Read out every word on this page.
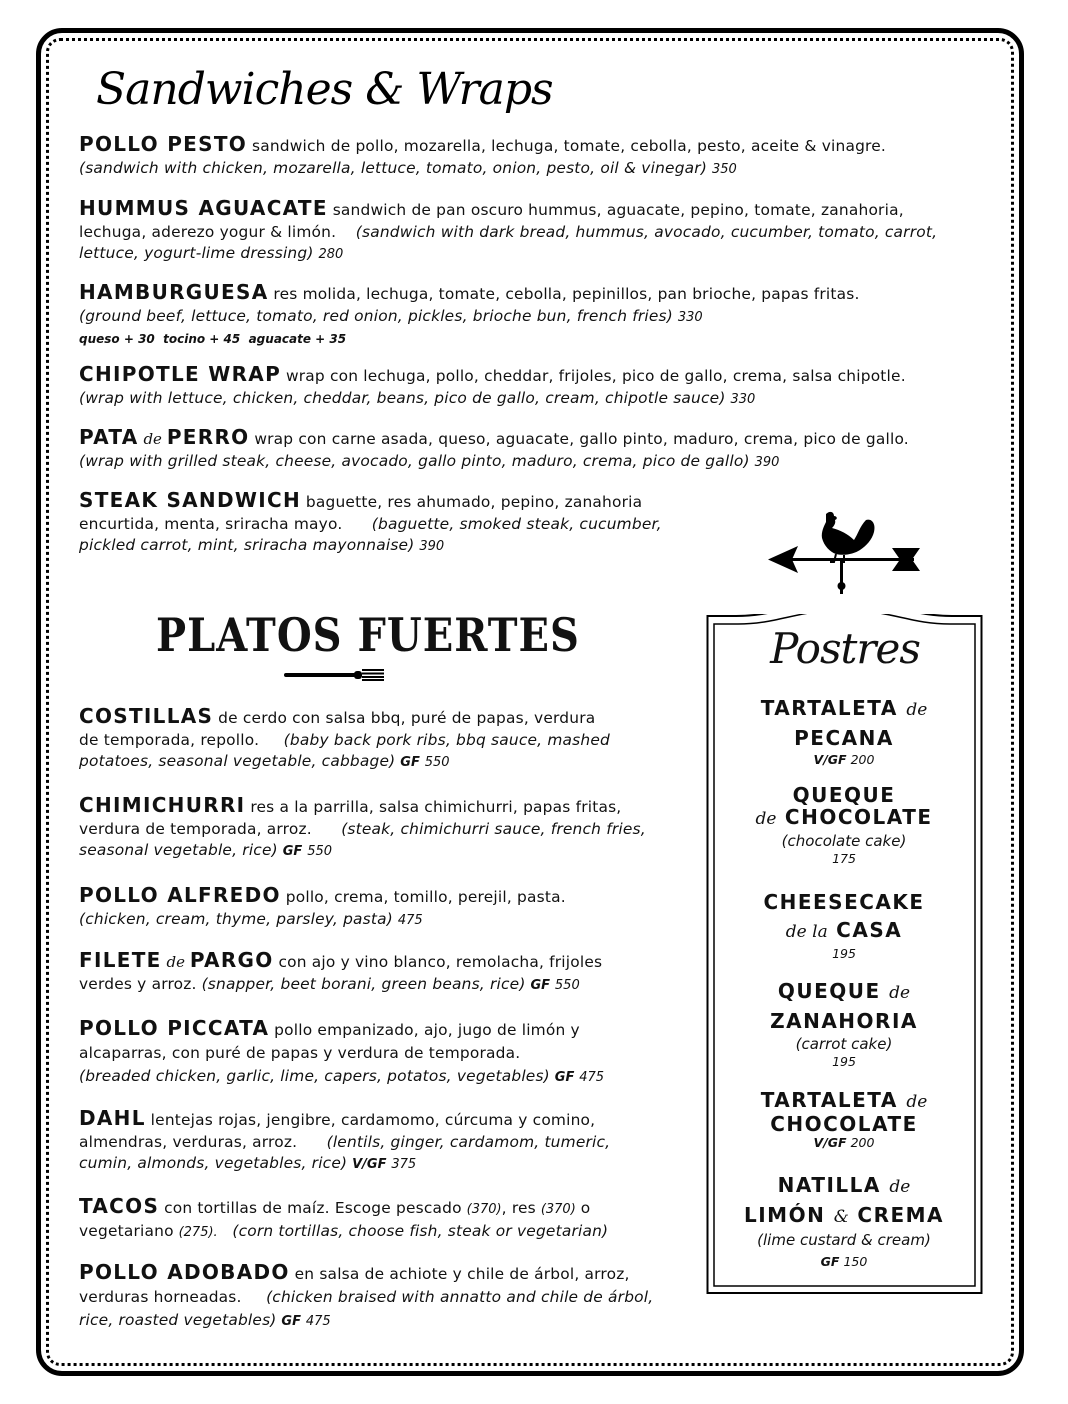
Sandwiches & Wraps
POLLO PESTO sandwich de pollo, mozarella, lechuga, tomate, cebolla, pesto, aceite & vinagre.
(sandwich with chicken, mozarella, lettuce, tomato, onion, pesto, oil & vinegar) 350
HUMMUS AGUACATE sandwich de pan oscuro hummus, aguacate, pepino, tomate, zanahoria, lechuga, aderezo yogur & limón. (sandwich with dark bread, hummus, avocado, cucumber, tomato, carrot, lettuce, yogurt-lime dressing) 280
HAMBURGUESA res molida, lechuga, tomate, cebolla, pepinillos, pan brioche, papas fritas.
(ground beef, lettuce, tomato, red onion, pickles, brioche bun, french fries) 330
queso + 30  tocino + 45  aguacate + 35
CHIPOTLE WRAP wrap con lechuga, pollo, cheddar, frijoles, pico de gallo, crema, salsa chipotle.
(wrap with lettuce, chicken, cheddar, beans, pico de gallo, cream, chipotle sauce) 330
PATA de PERRO wrap con carne asada, queso, aguacate, gallo pinto, maduro, crema, pico de gallo.
(wrap with grilled steak, cheese, avocado, gallo pinto, maduro, crema, pico de gallo) 390
STEAK SANDWICH baguette, res ahumado, pepino, zanahoria
encurtida, menta, sriracha mayo. (baguette, smoked steak, cucumber,
pickled carrot, mint, sriracha mayonnaise) 390
PLATOS FUERTES
COSTILLAS de cerdo con salsa bbq, puré de papas, verdura
de temporada, repollo. (baby back pork ribs, bbq sauce, mashed
potatoes, seasonal vegetable, cabbage) GF 550
CHIMICHURRI res a la parrilla, salsa chimichurri, papas fritas,
verdura de temporada, arroz. (steak, chimichurri sauce, french fries,
seasonal vegetable, rice) GF 550
POLLO ALFREDO pollo, crema, tomillo, perejil, pasta.
(chicken, cream, thyme, parsley, pasta) 475
FILETE de PARGO con ajo y vino blanco, remolacha, frijoles
verdes y arroz. (snapper, beet borani, green beans, rice) GF 550
POLLO PICCATA pollo empanizado, ajo, jugo de limón y
alcaparras, con puré de papas y verdura de temporada.
(breaded chicken, garlic, lime, capers, potatos, vegetables) GF 475
DAHL lentejas rojas, jengibre, cardamomo, cúrcuma y comino,
almendras, verduras, arroz. (lentils, ginger, cardamom, tumeric,
cumin, almonds, vegetables, rice) V/GF 375
TACOS con tortillas de maíz. Escoge pescado (370), res (370) o
vegetariano (275). (corn tortillas, choose fish, steak or vegetarian)
POLLO ADOBADO en salsa de achiote y chile de árbol, arroz,
verduras horneadas. (chicken braised with annatto and chile de árbol,
rice, roasted vegetables) GF 475
Postres
TARTALETA de
PECANA
V/GF 200
QUEQUE
de CHOCOLATE
(chocolate cake)
175
CHEESECAKE
de la CASA
195
QUEQUE de
ZANAHORIA
(carrot cake)
195
TARTALETA de
CHOCOLATE
V/GF 200
NATILLA de
LIMÓN & CREMA
(lime custard & cream)
GF 150
